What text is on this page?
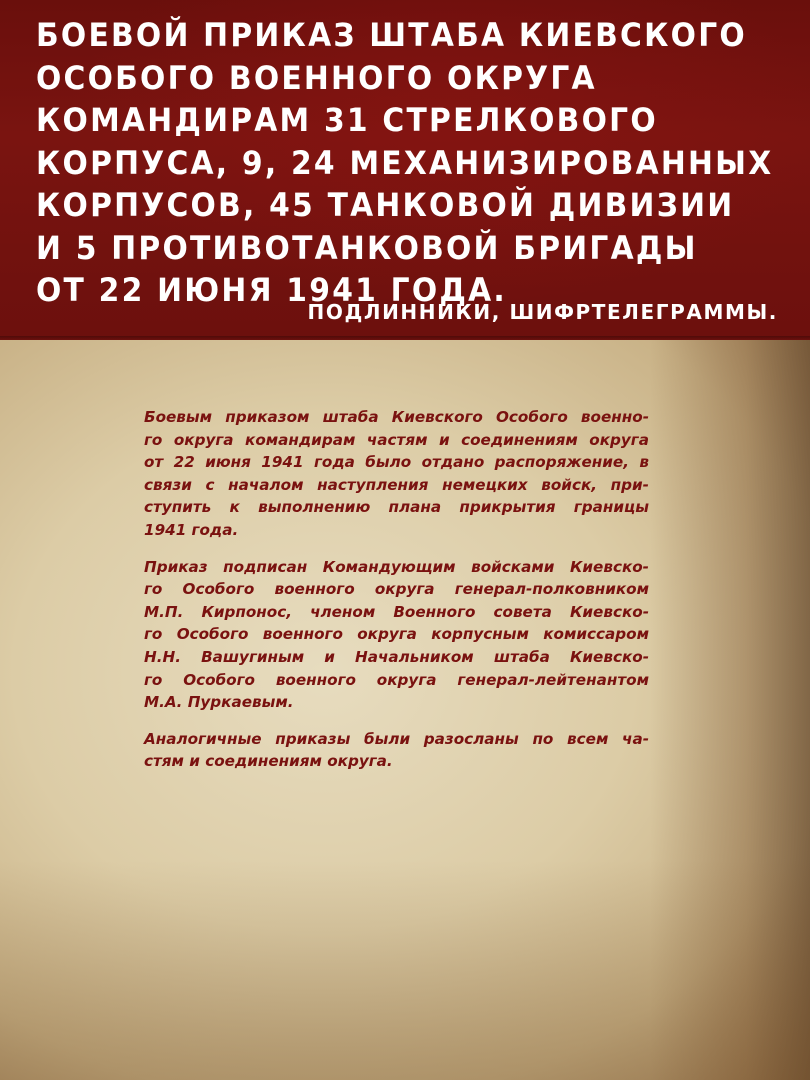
БОЕВОЙ ПРИКАЗ ШТАБА КИЕВСКОГО
ОСОБОГО ВОЕННОГО ОКРУГА
КОМАНДИРАМ 31 СТРЕЛКОВОГО
КОРПУСА, 9, 24 МЕХАНИЗИРОВАННЫХ
КОРПУСОВ, 45 ТАНКОВОЙ ДИВИЗИИ
И 5 ПРОТИВОТАНКОВОЙ БРИГАДЫ
ОТ 22 ИЮНЯ 1941 ГОДА.

ПОДЛИННИКИ, ШИФРТЕЛЕГРАММЫ.

Боевым приказом штаба Киевского Особого военно-
го округа командирам частям и соединениям округа
от 22 июня 1941 года было отдано распоряжение, в
связи с началом наступления немецких войск, при-
ступить к выполнению плана прикрытия границы
1941 года.

Приказ подписан Командующим войсками Киевско-
го Особого военного округа генерал-полковником
М.П. Кирпонос, членом Военного совета Киевско-
го Особого военного округа корпусным комиссаром
Н.Н. Вашугиным и Начальником штаба Киевско-
го Особого военного округа генерал-лейтенантом
М.А. Пуркаевым.

Аналогичные приказы были разосланы по всем ча-
стям и соединениям округа.
